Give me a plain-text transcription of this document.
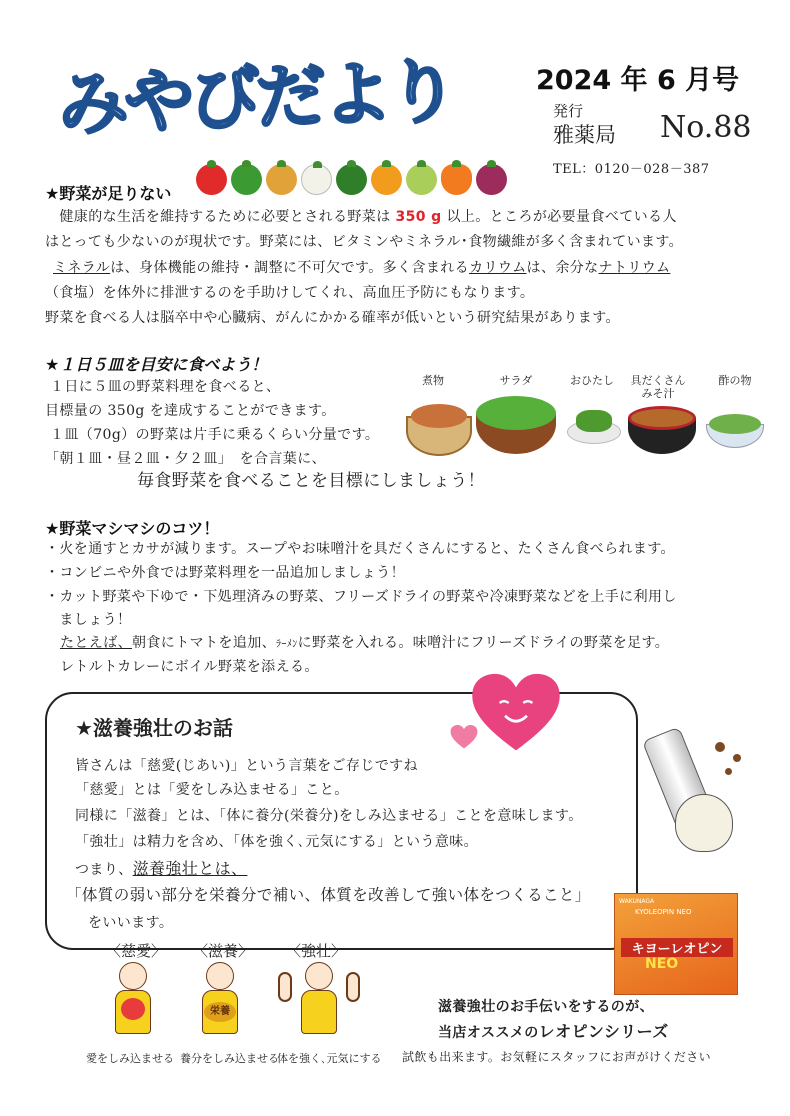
みやびだより	2024 年 6 月号
発行
雅薬局 No.88
TEL：0120－028－387
★野菜が足りない
　健康的な生活を維持するために必要とされる野菜は 350 g 以上。ところが必要量食べている人
はとっても少ないのが現状です。野菜には、ビタミンやミネラル･食物繊維が多く含まれています。
ミネラルは、身体機能の維持・調整に不可欠です。多く含まれるカリウムは、余分なナトリウム
（食塩）を体外に排泄するのを手助けしてくれ、高血圧予防にもなります。
野菜を食べる人は脳卒中や心臓病、がんにかかる確率が低いという研究結果があります。
★１日５皿を目安に食べよう！
１日に５皿の野菜料理を食べると、
目標量の 350g を達成することができます。
１皿（70g）の野菜は片手に乗るくらい分量です。
「朝１皿・昼２皿・夕２皿」　を合言葉に、
毎食野菜を食べることを目標にしましょう！
煮物	サラダ	おひたし	具だくさん
みそ汁
酢の物
★野菜マシマシのコツ！
・火を通すとカサが減ります。スープやお味噌汁を具だくさんにすると、たくさん食べられます。
・コンビニや外食では野菜料理を一品追加しましょう！
・カット野菜や下ゆで・下処理済みの野菜、フリーズドライの野菜や冷凍野菜などを上手に利用し
　ましょう！
たとえば、朝食にトマトを追加、ﾗｰﾒﾝに野菜を入れる。味噌汁にフリーズドライの野菜を足す。
レトルトカレーにボイル野菜を添える。
★滋養強壮のお話
皆さんは「慈愛(じあい)」という言葉をご存じですね
「慈愛」とは「愛をしみ込ませる」こと。
同様に「滋養」とは、「体に養分(栄養分)をしみ込ませる」ことを意味します。
「強壮」は精力を含め、「体を強く､元気にする」という意味。
つまり、滋養強壮とは、
「体質の弱い部分を栄養分で補い、体質を改善して強い体をつくること」
をいいます。
WAKUNAGA
KYOLEOPIN NEO
キヨーレオピン
NEO
〈慈愛〉 〈滋養〉 〈強壮〉
栄養
愛をしみ込ませる 養分をしみ込ませる
体を強く､元気にする
滋養強壮のお手伝いをするのが、
当店オススメのレオピンシリーズ
試飲も出来ます。お気軽にスタッフにお声がけください
